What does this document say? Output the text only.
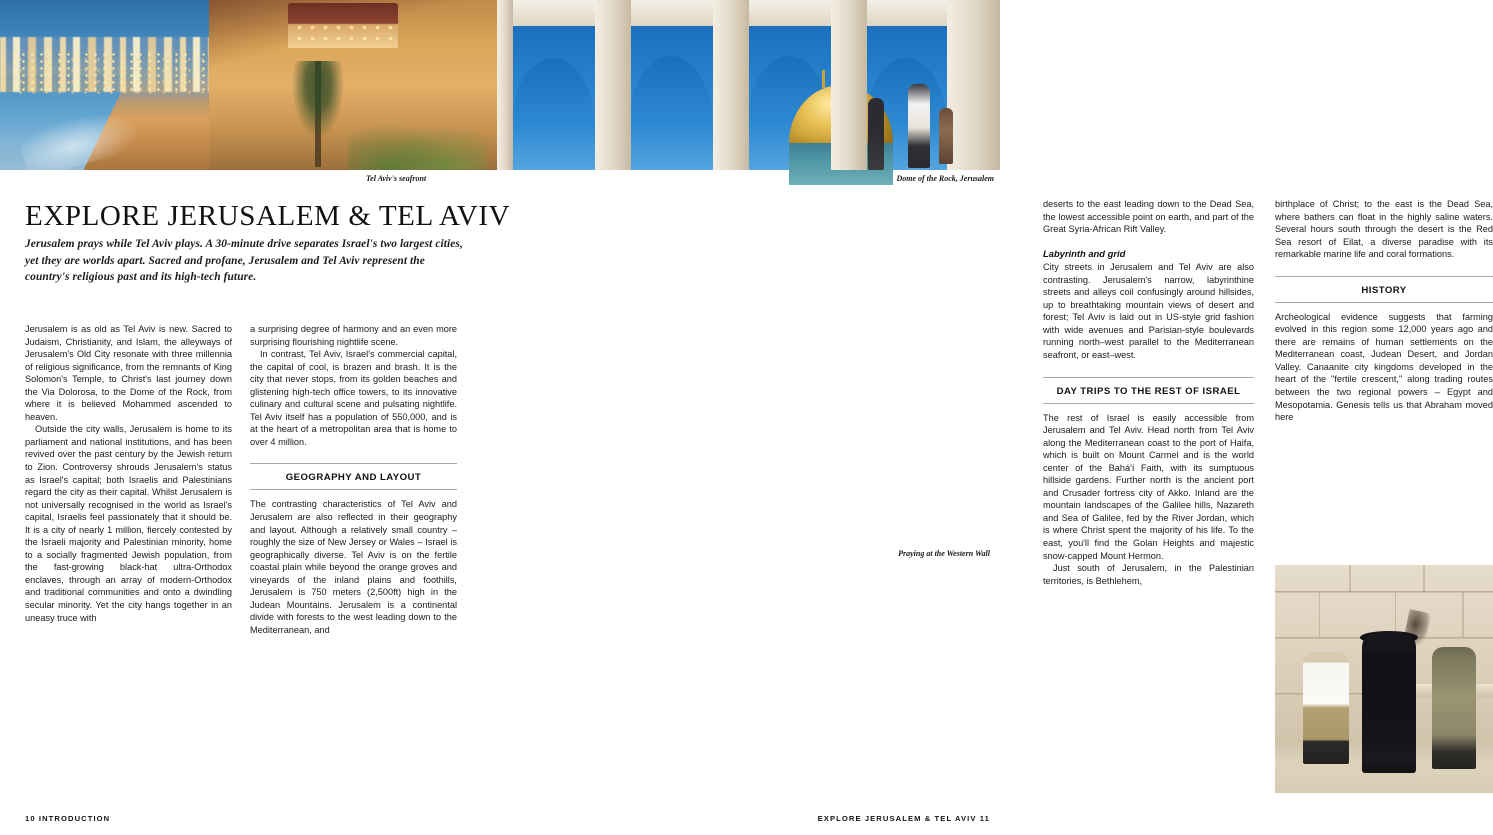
Tel Aviv's seafront	Dome of the Rock, Jerusalem
EXPLORE JERUSALEM & TEL AVIV
Jerusalem prays while Tel Aviv plays. A 30-minute drive separates Israel's two largest cities, yet they are worlds apart. Sacred and profane, Jerusalem and Tel Aviv represent the country's religious past and its high-tech future.

Jerusalem is as old as Tel Aviv is new. Sacred to Judaism, Christianity, and Islam, the alleyways of Jerusalem's Old City resonate with three millennia of religious significance, from the remnants of King Solomon's Temple, to Christ's last journey down the Via Dolorosa, to the Dome of the Rock, from where it is believed Mohammed ascended to heaven.

Outside the city walls, Jerusalem is home to its parliament and national institutions, and has been revived over the past century by the Jewish return to Zion. Controversy shrouds Jerusalem's status as Israel's capital; both Israelis and Palestinians regard the city as their capital. Whilst Jerusalem is not universally recognised in the world as Israel's capital, Israelis feel passionately that it should be. It is a city of nearly 1 million, fiercely contested by the Israeli majority and Palestinian minority, home to a socially fragmented Jewish population, from the fast-growing black-hat ultra-Orthodox enclaves, through an array of modern-Orthodox and traditional communities and onto a dwindling secular minority. Yet the city hangs together in an uneasy truce with

a surprising degree of harmony and an even more surprising flourishing nightlife scene.

In contrast, Tel Aviv, Israel's commercial capital, the capital of cool, is brazen and brash. It is the city that never stops, from its golden beaches and glistening high-tech office towers, to its innovative culinary and cultural scene and pulsating nightlife. Tel Aviv itself has a population of 550,000, and is at the heart of a metropolitan area that is home to over 4 million.

GEOGRAPHY AND LAYOUT

The contrasting characteristics of Tel Aviv and Jerusalem are also reflected in their geography and layout. Although a relatively small country – roughly the size of New Jersey or Wales – Israel is geographically diverse. Tel Aviv is on the fertile coastal plain while beyond the orange groves and vineyards of the inland plains and foothills, Jerusalem is 750 meters (2,500ft) high in the Judean Mountains. Jerusalem is a continental divide with forests to the west leading down to the Mediterranean, and

deserts to the east leading down to the Dead Sea, the lowest accessible point on earth, and part of the Great Syria-African Rift Valley.

Labyrinth and grid

City streets in Jerusalem and Tel Aviv are also contrasting. Jerusalem's narrow, labyrinthine streets and alleys coil confusingly around hillsides, up to breathtaking mountain views of desert and forest; Tel Aviv is laid out in US-style grid fashion with wide avenues and Parisian-style boulevards running north–west parallel to the Mediterranean seafront, or east–west.

DAY TRIPS TO THE REST OF ISRAEL

The rest of Israel is easily accessible from Jerusalem and Tel Aviv. Head north from Tel Aviv along the Mediterranean coast to the port of Haifa, which is built on Mount Carmel and is the world center of the Bahá'í Faith, with its sumptuous hillside gardens. Further north is the ancient port and Crusader fortress city of Akko. Inland are the mountain landscapes of the Galilee hills, Nazareth and Sea of Galilee, fed by the River Jordan, which is where Christ spent the majority of his life. To the east, you'll find the Golan Heights and majestic snow-capped Mount Hermon.

Just south of Jerusalem, in the Palestinian territories, is Bethlehem,

birthplace of Christ; to the east is the Dead Sea, where bathers can float in the highly saline waters. Several hours south through the desert is the Red Sea resort of Eilat, a diverse paradise with its remarkable marine life and coral formations.

HISTORY

Archeological evidence suggests that farming evolved in this region some 12,000 years ago and there are remains of human settlements on the Mediterranean coast, Judean Desert, and Jordan Valley. Canaanite city kingdoms developed in the heart of the "fertile crescent," along trading routes between the two regional powers – Egypt and Mesopotamia. Genesis tells us that Abraham moved here

Praying at the Western Wall
10 INTRODUCTION	EXPLORE JERUSALEM & TEL AVIV 11
